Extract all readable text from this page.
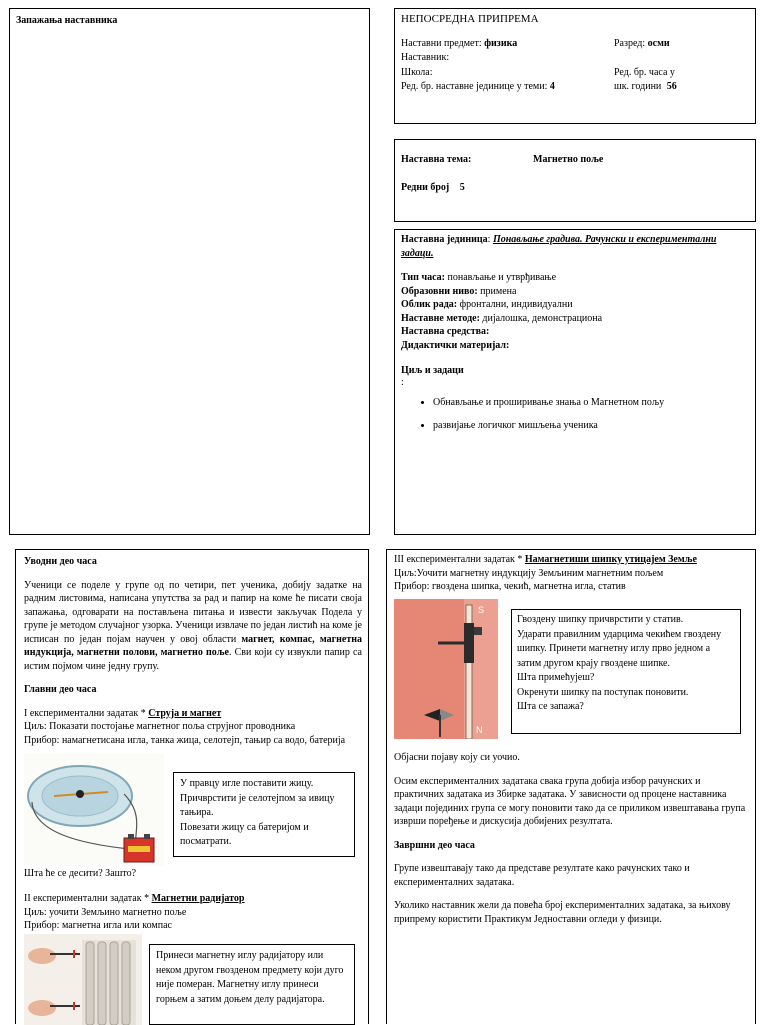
Запажања наставника	НЕПОСРЕДНА ПРИПРЕМА
Наставни предмет: физика	Разред: осми
Наставник:
Школа:	Ред. бр. часа у
Ред. бр. наставне јединице у теми: 4	шк. години 56
Наставна тема:	Магнетно поље
Редни број 5
Наставна јединица: Понављање градива. Рачунски и експериментални задаци.

Тип часа: понављање и утврђивање

Образовни ниво: примена

Облик рада: фронтални, индивидуални

Наставне методе: дијалошка, демонстрациона

Наставна средства:

Дидактички материјал:

Циљ и задаци

:

• Обнављање и проширивање знања о Магнетном пољу
• развијање логичког мишљења ученика

Уводни део часа

Ученици се поделе у групе од по четири, пет ученика, добију задатке на радним листовима, написана упутства за рад и папир на коме ће писати своја запажања, одговарати на постављена питања и извести закључак Подела у групе је методом случајног узорка. Ученици извлаче по један листић на коме је исписан по један појам научен у овој области магнет, компас, магнетна индукција, магнетни полови, магнетно поље. Сви који су извукли папир са истим појмом чине једну групу.

Главни део часа

I експериментални задатак * Струја и магнет

Циљ: Показати постојање магнетног поља струјног проводника

Прибор: намагнетисана игла, танка жица, селотејп, тањир са водо, батерија

У правцу игле поставити жицу.
Причврстити је селотејпом за ивицу тањира.
Повезати жицу са батеријом и посматрати.
Шта ће се десити? Зашто?

II експериментални задатак * Магнетни радијатор

Циљ: уочити Земљино магнетно поље

Прибор: магнетна игла или компас

Принеси магнетну иглу радијатору или неком другом гвозденом предмету који дуго није померан. Магнетну иглу принеси горњем а затим доњем делу радијатора.

III експериментални задатак * Намагнетиши шипку утицајем Земље

Циљ:Уочити магнетну индукцију Земљиним магнетним пољем

Прибор: гвоздена шипка, чекић, магнетна игла, статив

S
N
Гвоздену шипку причврстити у статив.
Ударати правилним ударцима чекићем гвоздену шипку. Принети магнетну иглу прво једном а затим другом крају гвоздене шипке.
Шта примећујеш?
Окренути шипку па поступак поновити.
Шта се запажа?

Објасни појаву коју си уочио.

Осим експерименталних задатака свака група добија избор рачунских и практичних задатака из Збирке задатака. У зависности од процене наставника задаци појединих група се могу поновити тако да се приликом извештавања група изврши поређење и дискусија добијених резултата.

Завршни део часа

Групе извештавају тако да представе резултате како рачунских тако и експерименталних задатака.

Уколико наставник жели да повећа број експерименталних задатака, за њихову припрему користити Практикум Једноставни огледи у физици.
